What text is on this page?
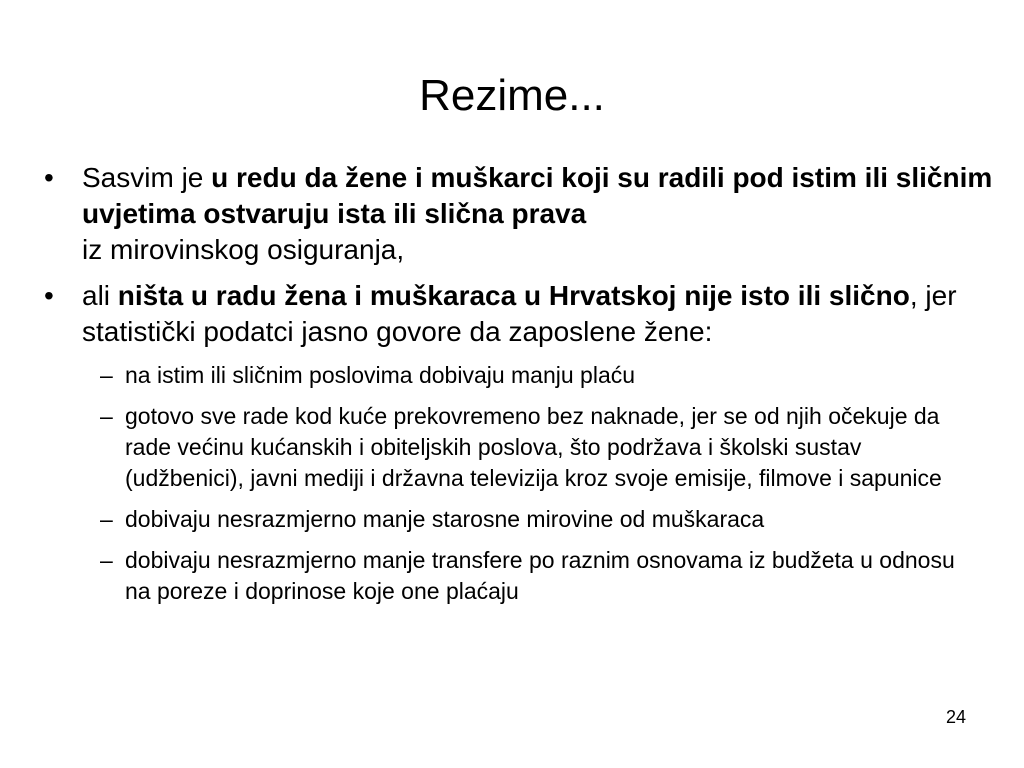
Rezime...
•	Sasvim je u redu da žene i muškarci koji su radili pod istim ili sličnim uvjetima ostvaruju ista ili slična prava
iz mirovinskog osiguranja,
•	ali ništa u radu žena i muškaraca u Hrvatskoj nije isto ili slično, jer statistički podatci jasno govore da zaposlene žene:
– na istim ili sličnim poslovima dobivaju manju plaću
– gotovo sve rade kod kuće prekovremeno bez naknade, jer se od njih očekuje da rade većinu kućanskih i obiteljskih poslova, što podržava i školski sustav (udžbenici), javni mediji i državna televizija kroz svoje emisije, filmove i sapunice
– dobivaju nesrazmjerno manje starosne mirovine od muškaraca
– dobivaju nesrazmjerno manje transfere po raznim osnovama iz budžeta u odnosu na poreze i doprinose koje one plaćaju
24
